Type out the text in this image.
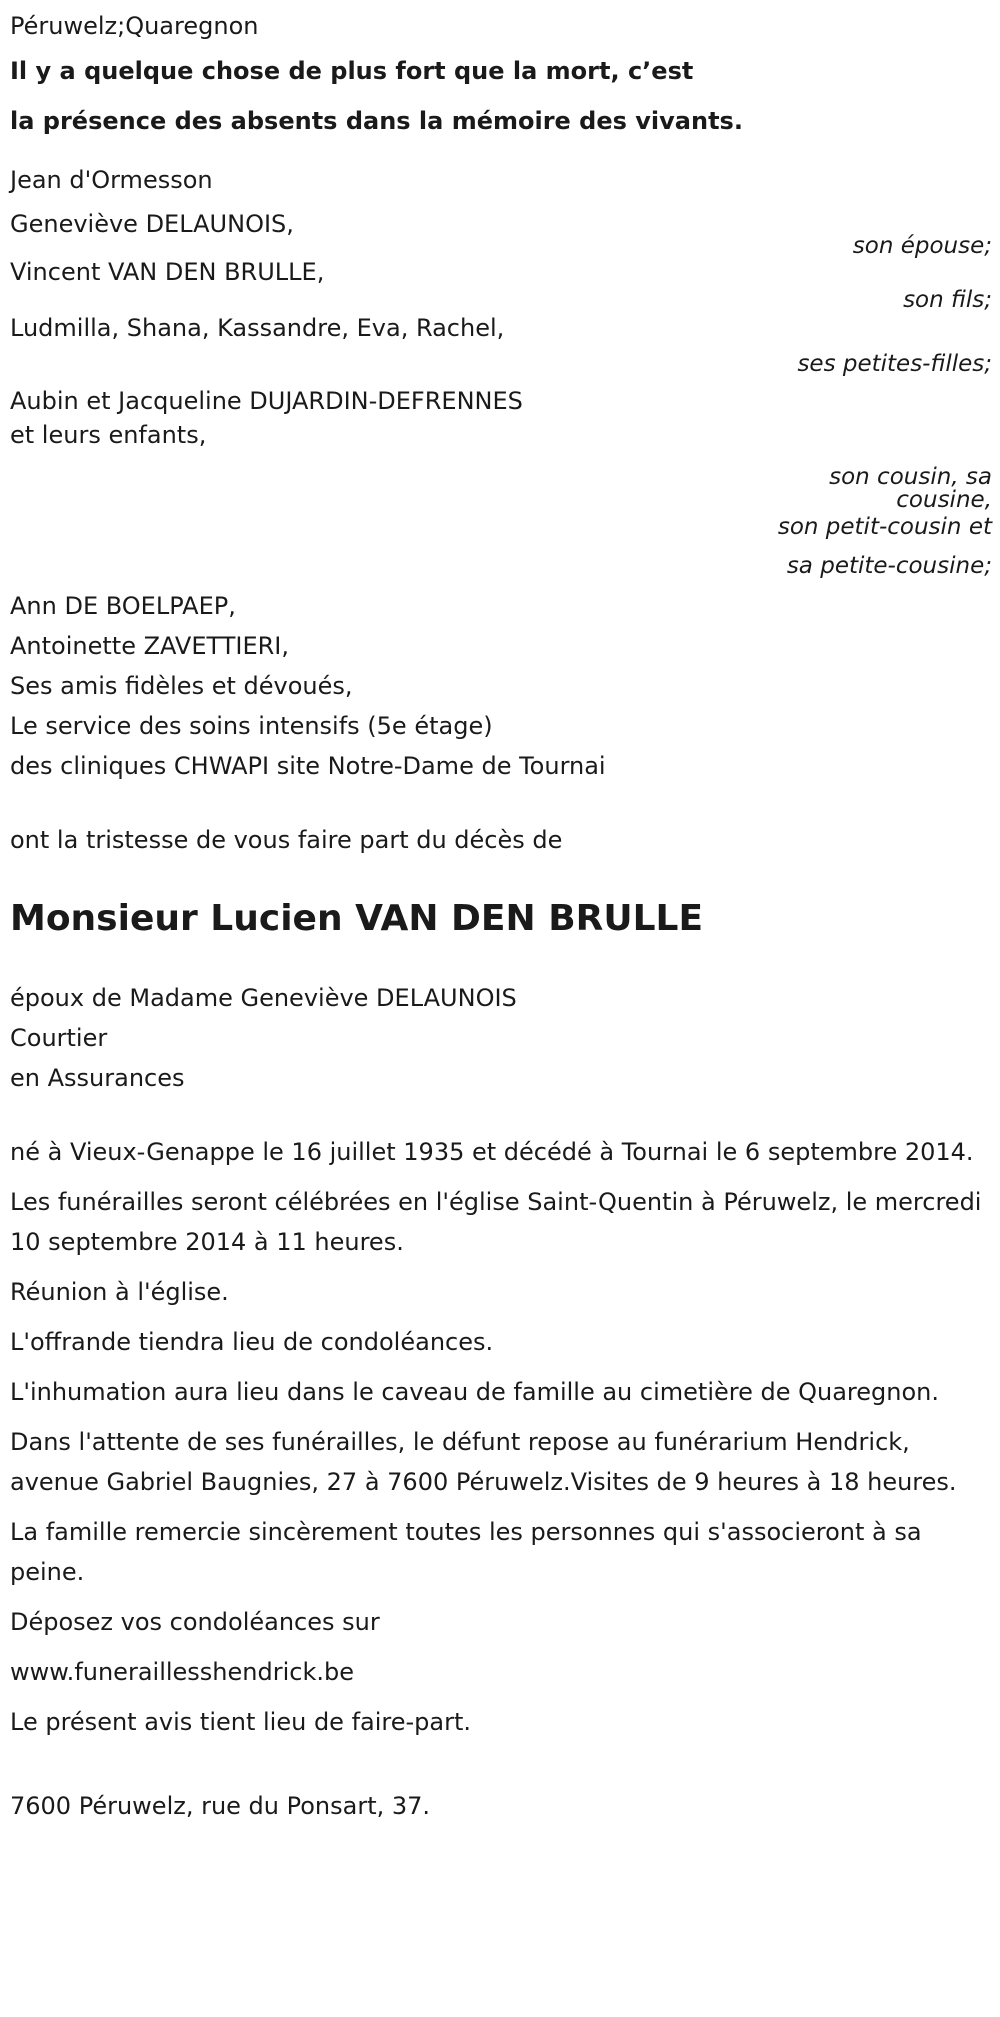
Péruwelz;Quaregnon
Il y a quelque chose de plus fort que la mort, c’est
la présence des absents dans la mémoire des vivants.
Jean d'Ormesson
Geneviève DELAUNOIS,
son épouse;
Vincent VAN DEN BRULLE,
son fils;
Ludmilla, Shana, Kassandre, Eva, Rachel,
ses petites-filles;
Aubin et Jacqueline DUJARDIN-DEFRENNES
et leurs enfants,
son cousin, sa
cousine,
son petit-cousin et
sa petite-cousine;
Ann DE BOELPAEP,
Antoinette ZAVETTIERI,
Ses amis fidèles et dévoués,
Le service des soins intensifs (5e étage)
des cliniques CHWAPI site Notre-Dame de Tournai
ont la tristesse de vous faire part du décès de
Monsieur Lucien VAN DEN BRULLE
époux de Madame Geneviève DELAUNOIS
Courtier
en Assurances
né à Vieux-Genappe le 16 juillet 1935 et décédé à Tournai le 6 septembre 2014.
Les funérailles seront célébrées en l'église Saint-Quentin à Péruwelz, le mercredi 10 septembre 2014 à 11 heures.
Réunion à l'église.
L'offrande tiendra lieu de condoléances.
L'inhumation aura lieu dans le caveau de famille au cimetière de Quaregnon.
Dans l'attente de ses funérailles, le défunt repose au funérarium Hendrick, avenue Gabriel Baugnies, 27 à 7600 Péruwelz.Visites de 9 heures à 18 heures.
La famille remercie sincèrement toutes les personnes qui s'associeront à sa peine.
Déposez vos condoléances sur
www.funeraillesshendrick.be
Le présent avis tient lieu de faire-part.
7600 Péruwelz, rue du Ponsart, 37.
